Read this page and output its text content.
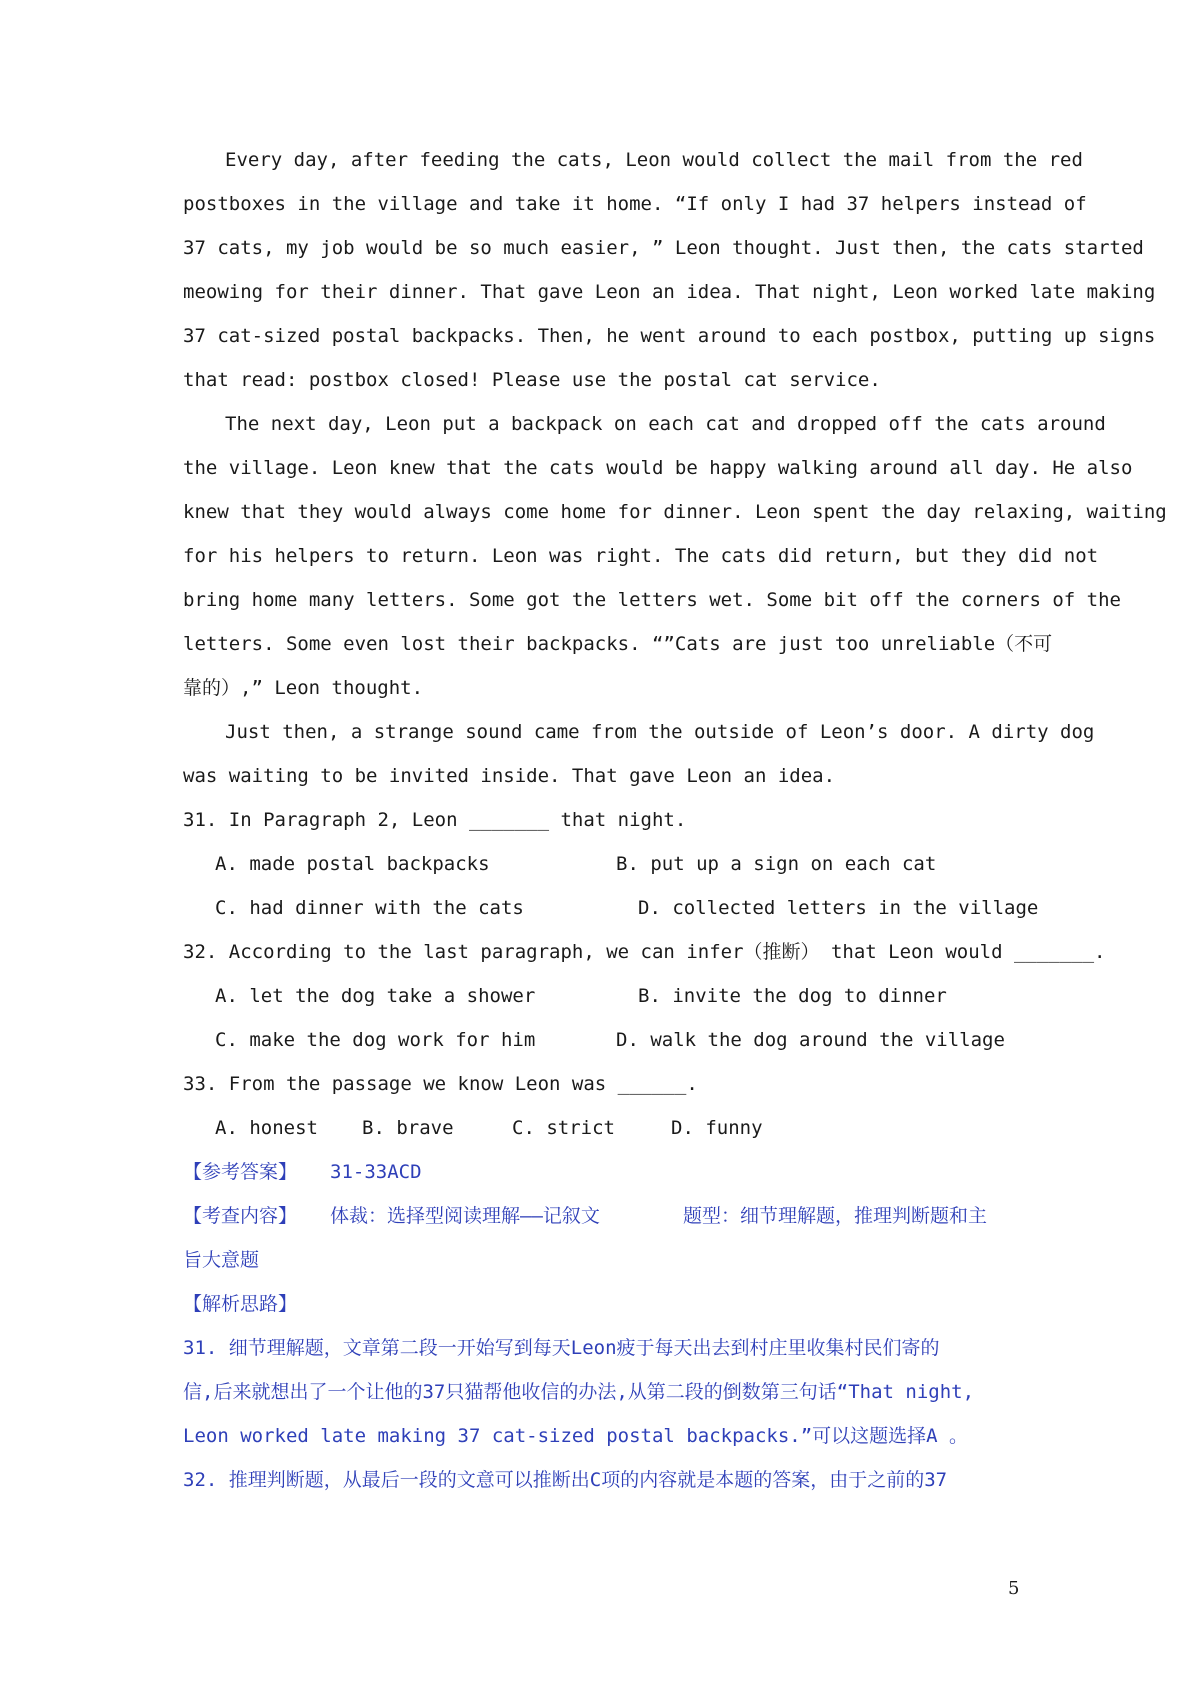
Every day, after feeding the cats, Leon would collect the mail from the red
postboxes in the village and take it home. “If only I had 37 helpers instead of
37 cats, my job would be so much easier, ” Leon thought. Just then, the cats started
meowing for their dinner. That gave Leon an idea. That night, Leon worked late making
37 cat-sized postal backpacks. Then, he went around to each postbox, putting up signs
that read: postbox closed! Please use the postal cat service.
The next day, Leon put a backpack on each cat and dropped off the cats around
the village. Leon knew that the cats would be happy walking around all day. He also
knew that they would always come home for dinner. Leon spent the day relaxing, waiting
for his helpers to return. Leon was right. The cats did return, but they did not
bring home many letters. Some got the letters wet. Some bit off the corners of the
letters. Some even lost their backpacks. “”Cats are just too unreliable（不可
靠的）,” Leon thought.
Just then, a strange sound came from the outside of Leon’s door. A dirty dog
was waiting to be invited inside. That gave Leon an idea.
31. In Paragraph 2, Leon _______ that night.
A. made postal backpacks	B. put up a sign on each cat
C. had dinner with the cats	D. collected letters in the village
32. According to the last paragraph, we can infer（推断） that Leon would _______.
A. let the dog take a shower	B. invite the dog to dinner
C. make the dog work for him	D. walk the dog around the village
33. From the passage we know Leon was ______.
A. honest B. brave	C. strict	D. funny
【参考答案】 31-33ACD
【考查内容】 体裁：选择型阅读理解——记叙文	题型：细节理解题，推理判断题和主
旨大意题
【解析思路】
31. 细节理解题，文章第二段一开始写到每天Leon疲于每天出去到村庄里收集村民们寄的
信,后来就想出了一个让他的37只猫帮他收信的办法,从第二段的倒数第三句话“That night,
Leon worked late making 37 cat-sized postal backpacks.”可以这题选择A 。
32. 推理判断题，从最后一段的文意可以推断出C项的内容就是本题的答案，由于之前的37
5
